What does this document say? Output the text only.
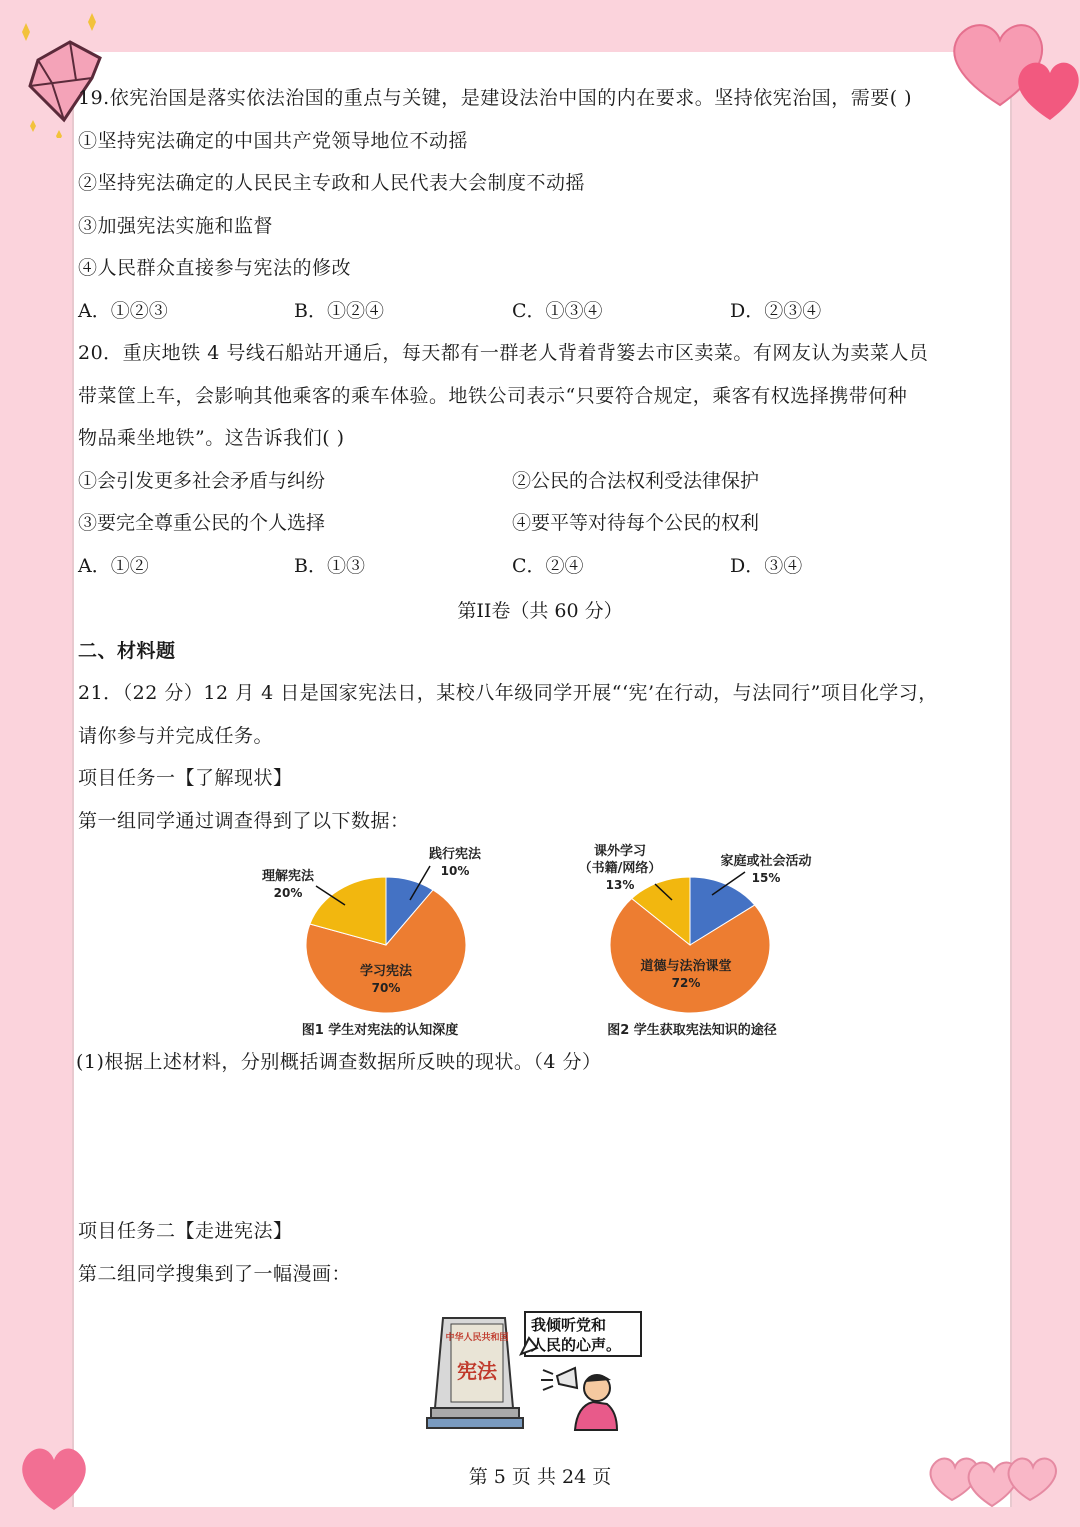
19.依宪治国是落实依法治国的重点与关键，是建设法治中国的内在要求。坚持依宪治国，需要( )
①坚持宪法确定的中国共产党领导地位不动摇
②坚持宪法确定的人民民主专政和人民代表大会制度不动摇
③加强宪法实施和监督
④人民群众直接参与宪法的修改
A．①②③	B．①②④	C．①③④	D．②③④
20．重庆地铁 4 号线石船站开通后，每天都有一群老人背着背篓去市区卖菜。有网友认为卖菜人员
带菜筐上车，会影响其他乘客的乘车体验。地铁公司表示“只要符合规定，乘客有权选择携带何种
物品乘坐地铁”。这告诉我们( )
①会引发更多社会矛盾与纠纷	②公民的合法权利受法律保护
③要完全尊重公民的个人选择	④要平等对待每个公民的权利
A．①②	B．①③	C．②④	D．③④
第II卷（共 60 分）
二、材料题
21．（22 分）12 月 4 日是国家宪法日，某校八年级同学开展“‘宪’在行动，与法同行”项目化学习，
请你参与并完成任务。
项目任务一【了解现状】
第一组同学通过调查得到了以下数据：
践行宪法
10%
学习宪法
70%
理解宪法
20%
图1 学生对宪法的认知深度
家庭或社会活动
15%
道德与法治课堂
72%
课外学习
（书籍/网络）
13%
图2 学生获取宪法知识的途径
(1)根据上述材料，分别概括调查数据所反映的现状。（4 分）
项目任务二【走进宪法】
第二组同学搜集到了一幅漫画：
中华人民共和国
宪法
我倾听党和
人民的心声。
第 5 页 共 24 页
